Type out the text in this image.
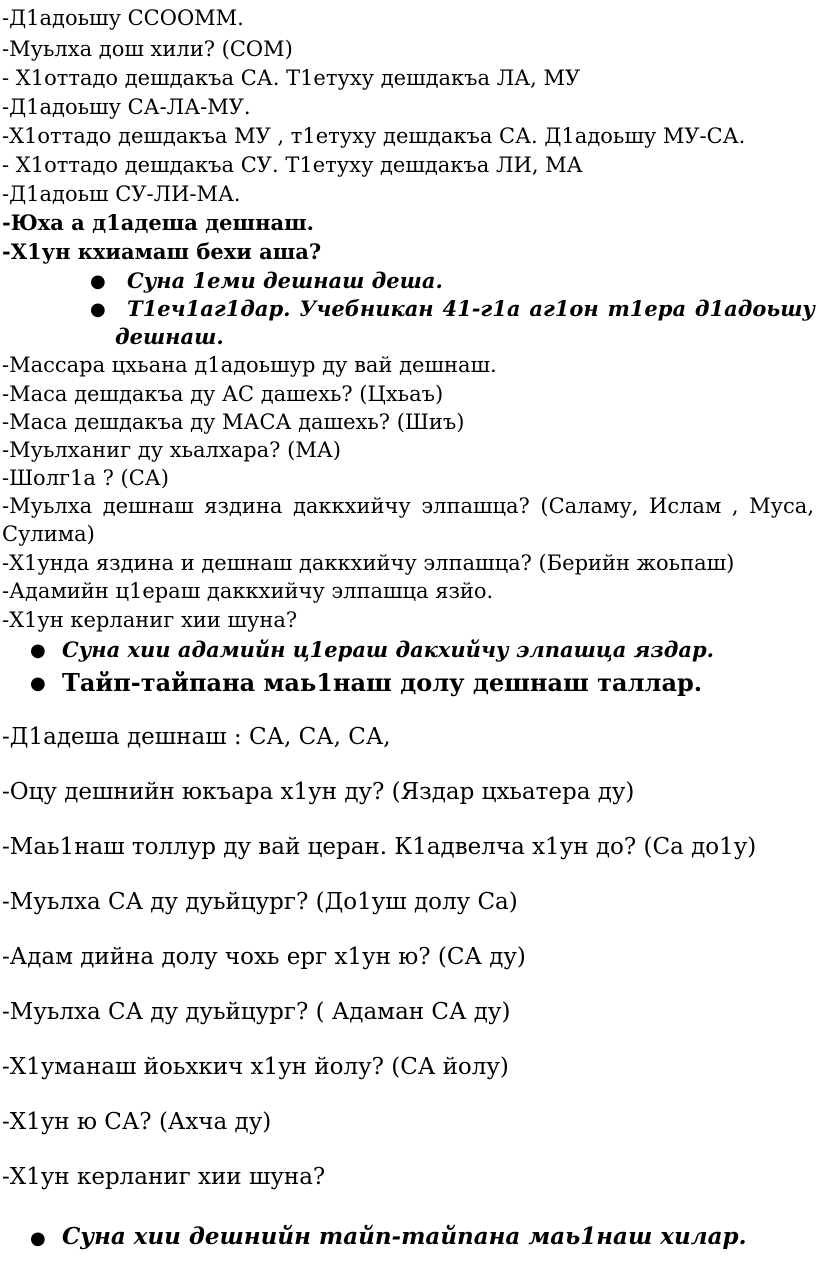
-Д1адоьшу ССООММ.
-Муьлха дош хили? (СОМ)
- Х1оттадо дешдакъа СА. Т1етуху дешдакъа ЛА, МУ
-Д1адоьшу СА-ЛА-МУ.
-Х1оттадо дешдакъа МУ , т1етуху дешдакъа СА. Д1адоьшу МУ-СА.
- Х1оттадо дешдакъа СУ. Т1етуху дешдакъа ЛИ, МА
-Д1адоьш СУ-ЛИ-МА.
-Юха а д1адеша дешнаш.
-Х1ун кхиамаш бехи аша?
● Суна 1еми дешнаш деша.
● Т1еч1аг1дар. Учебникан 41-г1а аг1он т1ера д1адоьшу
дешнаш.
-Массара цхьана д1адоьшур ду вай дешнаш.
-Маса дешдакъа ду АС дашехь? (Цхьаъ)
-Маса дешдакъа ду МАСА дашехь? (Шиъ)
-Муьлханиг ду хьалхара? (МА)
-Шолг1а ? (СА)
-Муьлха дешнаш яздина даккхийчу элпашца? (Саламу, Ислам , Муса,
Сулима)
-Х1унда яздина и дешнаш даккхийчу элпашца? (Берийн жоьпаш)
-Адамийн ц1ераш даккхийчу элпашца язйо.
-Х1ун керланиг хии шуна?
● Суна хии адамийн ц1ераш дакхийчу элпашца яздар.
● Тайп-тайпана маь1наш долу дешнаш таллар.
-Д1адеша дешнаш : СА, СА, СА,
-Оцу дешнийн юкъара х1ун ду? (Яздар цхьатера ду)
-Маь1наш толлур ду вай церан. К1адвелча х1ун до? (Са до1у)
-Муьлха СА ду дуьйцург? (До1уш долу Са)
-Адам дийна долу чохь ерг х1ун ю? (СА ду)
-Муьлха СА ду дуьйцург? ( Адаман СА ду)
-Х1уманаш йоьхкич х1ун йолу? (СА йолу)
-Х1ун ю СА? (Ахча ду)
-Х1ун керланиг хии шуна?
● Суна хии дешнийн тайп-тайпана маь1наш хилар.
